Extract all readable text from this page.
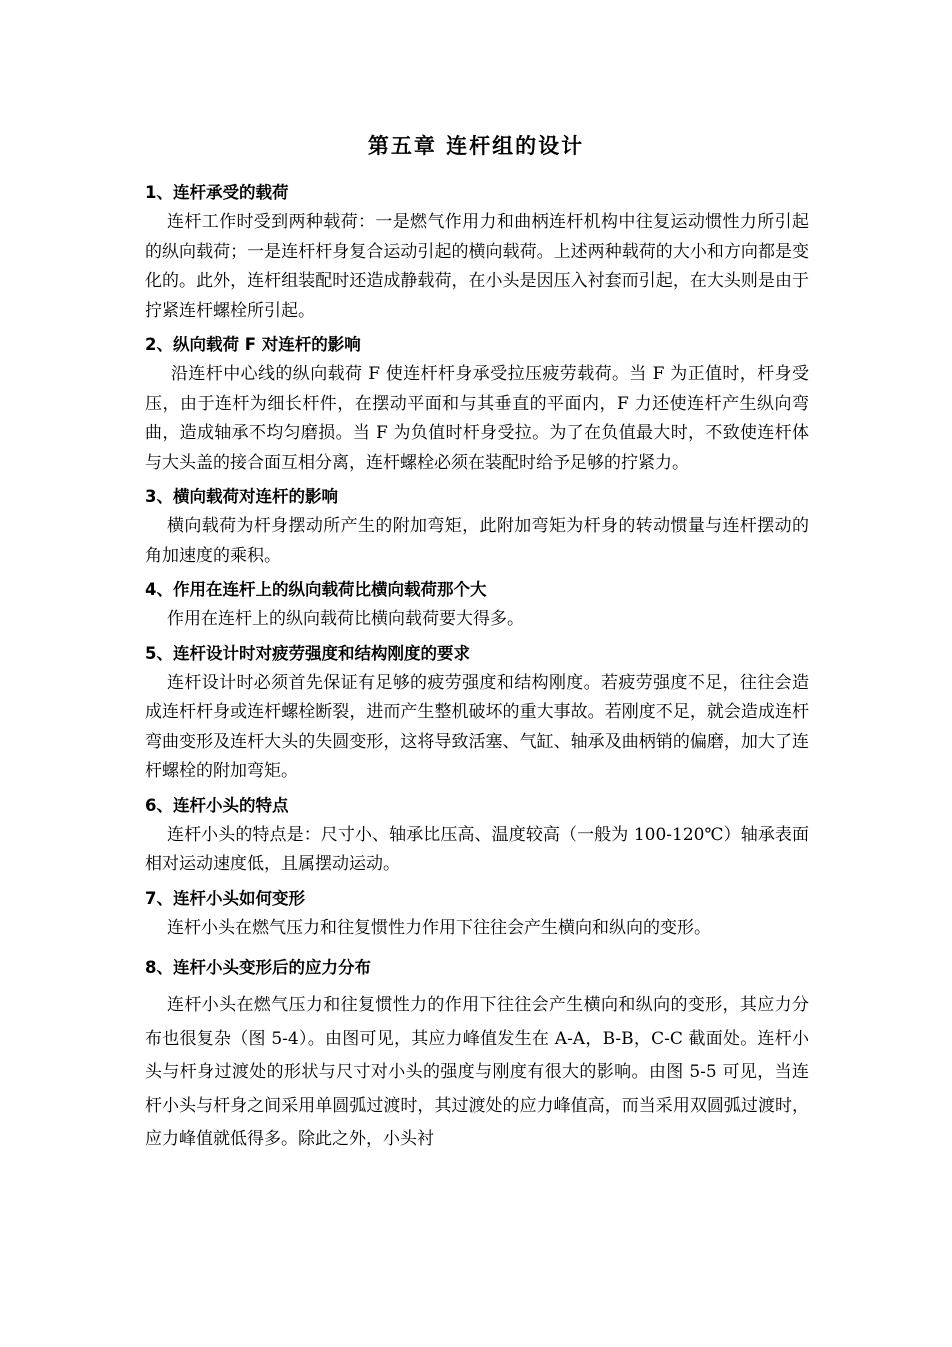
第五章 连杆组的设计

1、连杆承受的载荷

连杆工作时受到两种载荷：一是燃气作用力和曲柄连杆机构中往复运动惯性力所引起的纵向载荷；一是连杆杆身复合运动引起的横向载荷。上述两种载荷的大小和方向都是变化的。此外，连杆组装配时还造成静载荷，在小头是因压入衬套而引起，在大头则是由于拧紧连杆螺栓所引起。

2、纵向载荷 F 对连杆的影响

沿连杆中心线的纵向载荷 F 使连杆杆身承受拉压疲劳载荷。当 F 为正值时，杆身受压，由于连杆为细长杆件，在摆动平面和与其垂直的平面内，F 力还使连杆产生纵向弯曲，造成轴承不均匀磨损。当 F 为负值时杆身受拉。为了在负值最大时，不致使连杆体与大头盖的接合面互相分离，连杆螺栓必须在装配时给予足够的拧紧力。

3、横向载荷对连杆的影响

横向载荷为杆身摆动所产生的附加弯矩，此附加弯矩为杆身的转动惯量与连杆摆动的角加速度的乘积。

4、作用在连杆上的纵向载荷比横向载荷那个大

作用在连杆上的纵向载荷比横向载荷要大得多。

5、连杆设计时对疲劳强度和结构刚度的要求

连杆设计时必须首先保证有足够的疲劳强度和结构刚度。若疲劳强度不足，往往会造成连杆杆身或连杆螺栓断裂，进而产生整机破坏的重大事故。若刚度不足，就会造成连杆弯曲变形及连杆大头的失圆变形，这将导致活塞、气缸、轴承及曲柄销的偏磨，加大了连杆螺栓的附加弯矩。

6、连杆小头的特点

连杆小头的特点是：尺寸小、轴承比压高、温度较高（一般为 100-120℃）轴承表面相对运动速度低，且属摆动运动。

7、连杆小头如何变形

连杆小头在燃气压力和往复惯性力作用下往往会产生横向和纵向的变形。

8、连杆小头变形后的应力分布

连杆小头在燃气压力和往复惯性力的作用下往往会产生横向和纵向的变形，其应力分布也很复杂（图 5-4）。由图可见，其应力峰值发生在 A-A，B-B，C-C 截面处。连杆小头与杆身过渡处的形状与尺寸对小头的强度与刚度有很大的影响。由图 5-5 可见，当连杆小头与杆身之间采用单圆弧过渡时，其过渡处的应力峰值高，而当采用双圆弧过渡时，应力峰值就低得多。除此之外，小头衬
